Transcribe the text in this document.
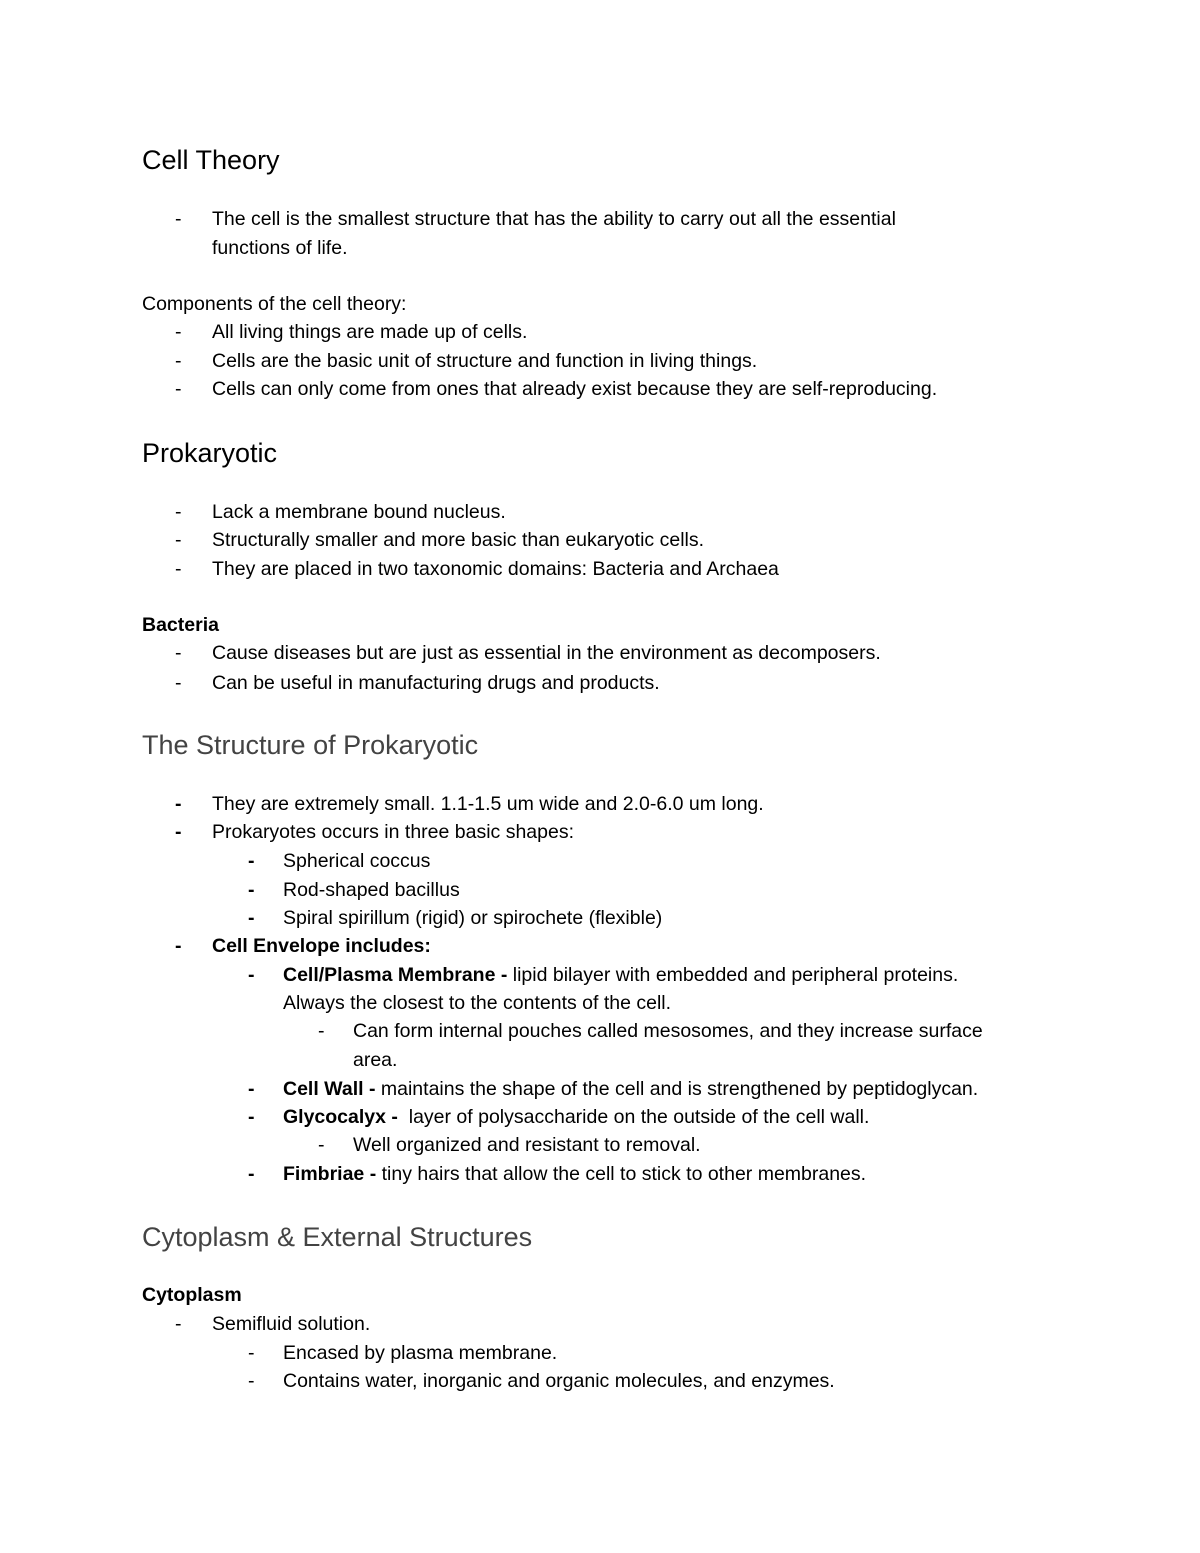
Cell Theory
- The cell is the smallest structure that has the ability to carry out all the essential
functions of life.
Components of the cell theory:
- All living things are made up of cells.
- Cells are the basic unit of structure and function in living things.
- Cells can only come from ones that already exist because they are self-reproducing.
Prokaryotic
- Lack a membrane bound nucleus.
- Structurally smaller and more basic than eukaryotic cells.
- They are placed in two taxonomic domains: Bacteria and Archaea
Bacteria
- Cause diseases but are just as essential in the environment as decomposers.
- Can be useful in manufacturing drugs and products.
The Structure of Prokaryotic
- They are extremely small. 1.1-1.5 um wide and 2.0-6.0 um long.
- Prokaryotes occurs in three basic shapes:
- Spherical coccus
- Rod-shaped bacillus
- Spiral spirillum (rigid) or spirochete (flexible)
- Cell Envelope includes:
- Cell/Plasma Membrane - lipid bilayer with embedded and peripheral proteins.
Always the closest to the contents of the cell.
- Can form internal pouches called mesosomes, and they increase surface
area.
- Cell Wall - maintains the shape of the cell and is strengthened by peptidoglycan.
- Glycocalyx -  layer of polysaccharide on the outside of the cell wall.
- Well organized and resistant to removal.
- Fimbriae - tiny hairs that allow the cell to stick to other membranes.
Cytoplasm & External Structures
Cytoplasm
- Semifluid solution.
- Encased by plasma membrane.
- Contains water, inorganic and organic molecules, and enzymes.
